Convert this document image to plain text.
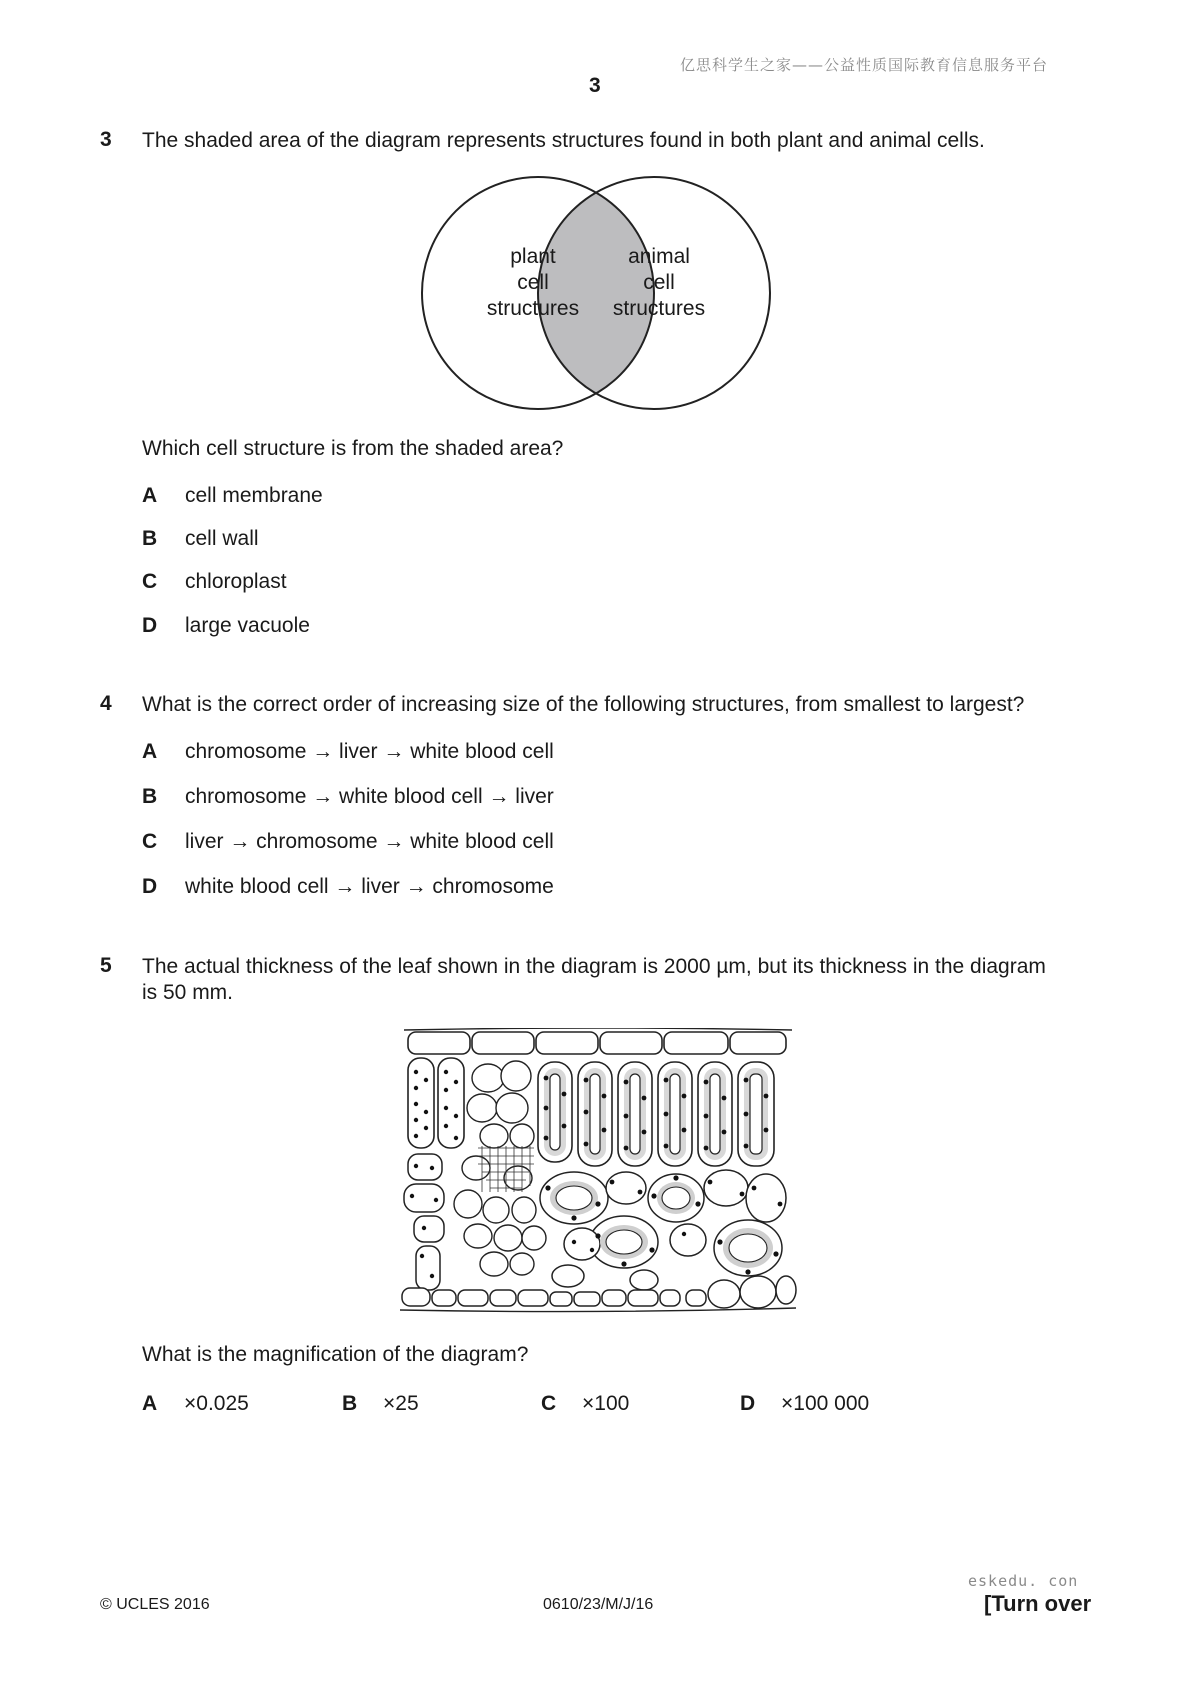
亿思科学生之家——公益性质国际教育信息服务平台
3
3 The shaded area of the diagram represents structures found in both plant and animal cells.
plant
cell
structures
animal
cell
structures
Which cell structure is from the shaded area?
A cell membrane
B cell wall
C chloroplast
D large vacuole
4 What is the correct order of increasing size of the following structures, from smallest to largest?
A chromosome → liver → white blood cell
B chromosome → white blood cell → liver
C liver → chromosome → white blood cell
D white blood cell → liver → chromosome
5 The actual thickness of the leaf shown in the diagram is 2000 µm, but its thickness in the diagram
is 50 mm.
What is the magnification of the diagram?
A ×0.025	B ×25	C ×100	D ×100 000
eskedu. con
© UCLES 2016	0610/23/M/J/16	[Turn over
